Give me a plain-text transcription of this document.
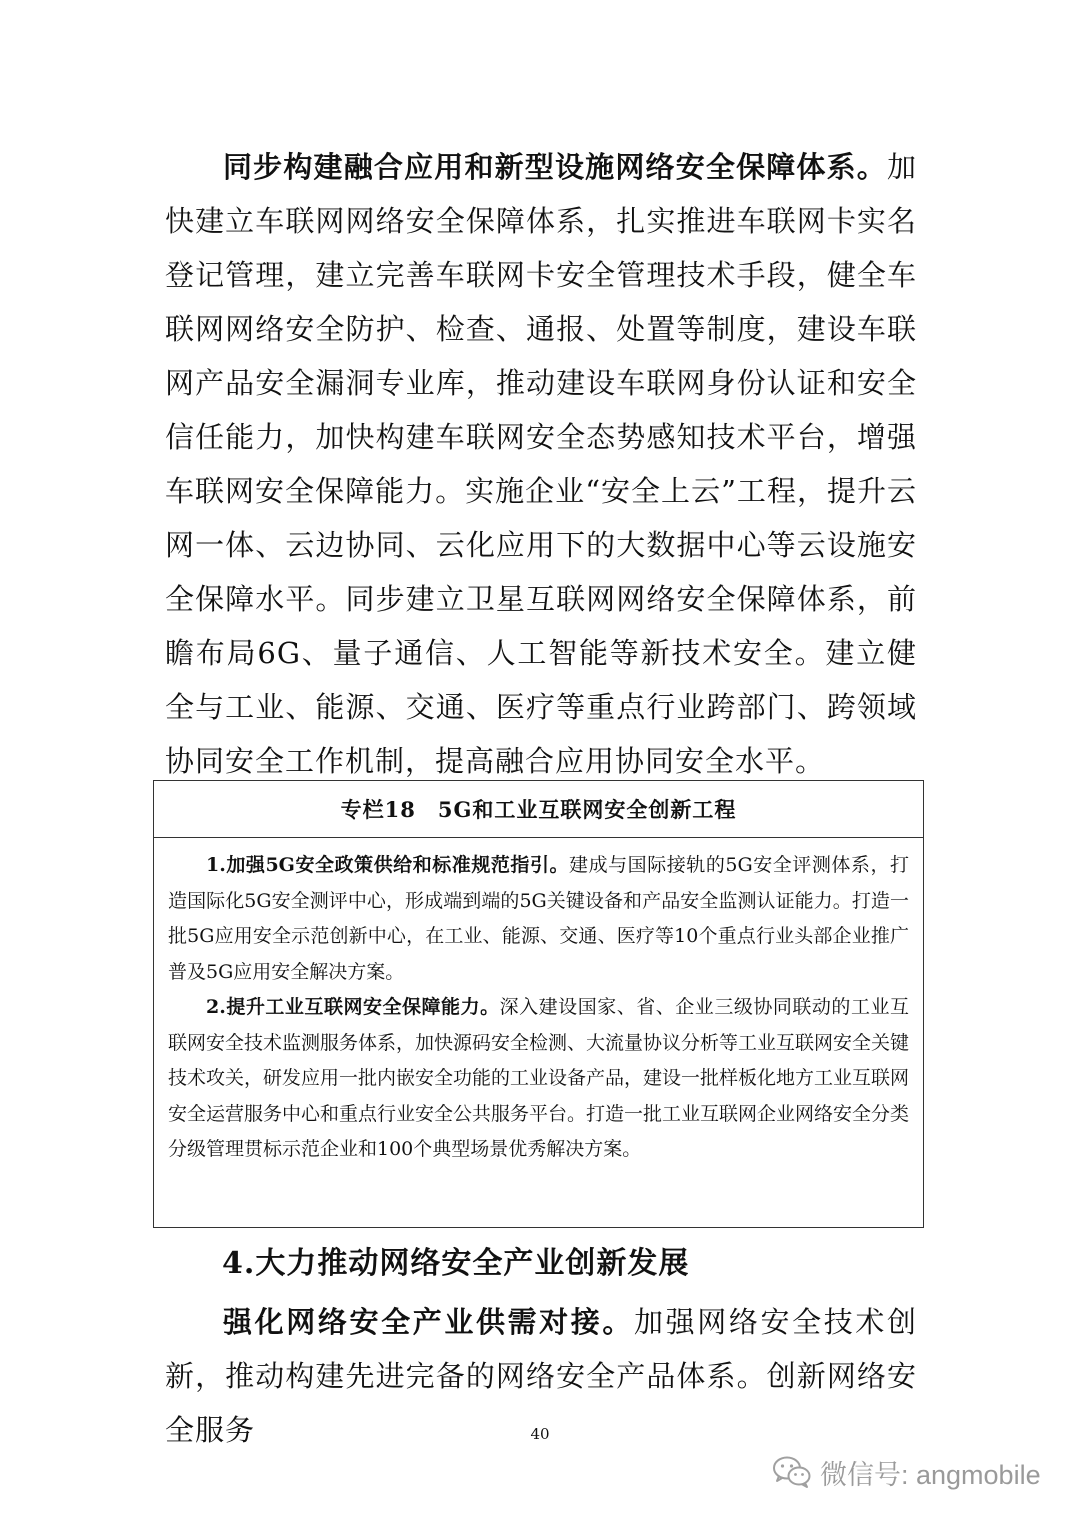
同步构建融合应用和新型设施网络安全保障体系。加快建立车联网网络安全保障体系，扎实推进车联网卡实名登记管理，建立完善车联网卡安全管理技术手段，健全车联网网络安全防护、检查、通报、处置等制度，建设车联网产品安全漏洞专业库，推动建设车联网身份认证和安全信任能力，加快构建车联网安全态势感知技术平台，增强车联网安全保障能力。实施企业“安全上云”工程，提升云网一体、云边协同、云化应用下的大数据中心等云设施安全保障水平。同步建立卫星互联网网络安全保障体系，前瞻布局6G、量子通信、人工智能等新技术安全。建立健全与工业、能源、交通、医疗等重点行业跨部门、跨领域协同安全工作机制，提高融合应用协同安全水平。

专栏18　5G和工业互联网安全创新工程

1.加强5G安全政策供给和标准规范指引。建成与国际接轨的5G安全评测体系，打造国际化5G安全测评中心，形成端到端的5G关键设备和产品安全监测认证能力。打造一批5G应用安全示范创新中心，在工业、能源、交通、医疗等10个重点行业头部企业推广普及5G应用安全解决方案。

2.提升工业互联网安全保障能力。深入建设国家、省、企业三级协同联动的工业互联网安全技术监测服务体系，加快源码安全检测、大流量协议分析等工业互联网安全关键技术攻关，研发应用一批内嵌安全功能的工业设备产品，建设一批样板化地方工业互联网安全运营服务中心和重点行业安全公共服务平台。打造一批工业互联网企业网络安全分类分级管理贯标示范企业和100个典型场景优秀解决方案。

4.大力推动网络安全产业创新发展

强化网络安全产业供需对接。加强网络安全技术创新，推动构建先进完备的网络安全产品体系。创新网络安全服务	40
微信号: angmobile
